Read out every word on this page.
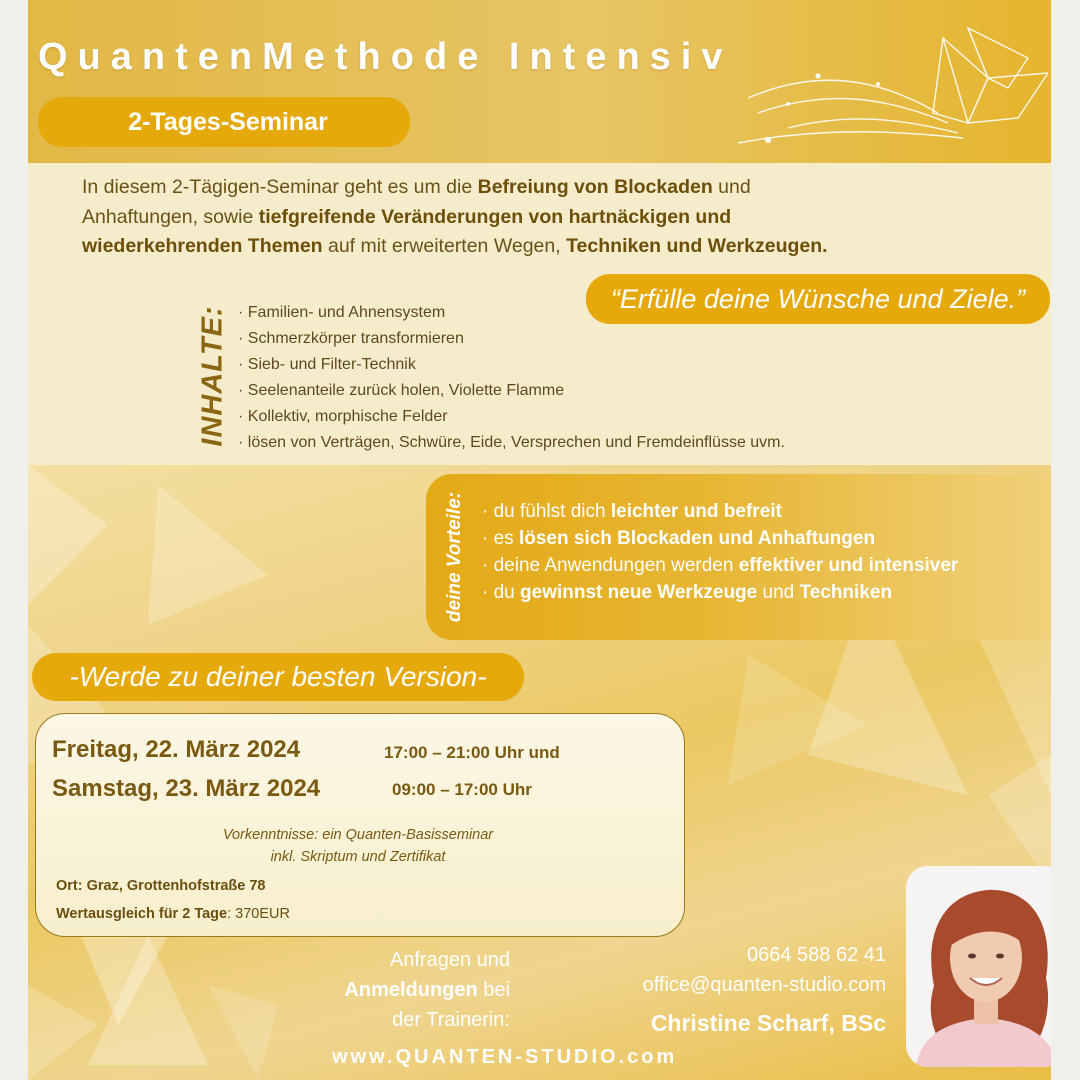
QuantenMethode Intensiv
2-Tages-Seminar
In diesem 2-Tägigen-Seminar geht es um die Befreiung von Blockaden und Anhaftungen, sowie tiefgreifende Veränderungen von hartnäckigen und wiederkehrenden Themen auf mit erweiterten Wegen, Techniken und Werkzeugen.
“Erfülle deine Wünsche und Ziele.”
INHALTE: · Familien- und Ahnensystem
· Schmerzkörper transformieren
· Sieb- und Filter-Technik
· Seelenanteile zurück holen, Violette Flamme
· Kollektiv, morphische Felder
· lösen von Verträgen, Schwüre, Eide, Versprechen und Fremdeinflüsse uvm.
deine Vorteile: · du fühlst dich leichter und befreit
· es lösen sich Blockaden und Anhaftungen
· deine Anwendungen werden effektiver und intensiver
· du gewinnst neue Werkzeuge und Techniken
-Werde zu deiner besten Version-
Freitag, 22. März 2024	17:00 – 21:00 Uhr und
Samstag, 23. März 2024	09:00 – 17:00 Uhr
Vorkenntnisse: ein Quanten-Basisseminar
inkl. Skriptum und Zertifikat
Ort: Graz, Grottenhofstraße 78
Wertausgleich für 2 Tage: 370EUR
Anfragen und
Anmeldungen bei
der Trainerin:
0664 588 62 41
office@quanten-studio.com
Christine Scharf, BSc
www.QUANTEN-STUDIO.com
